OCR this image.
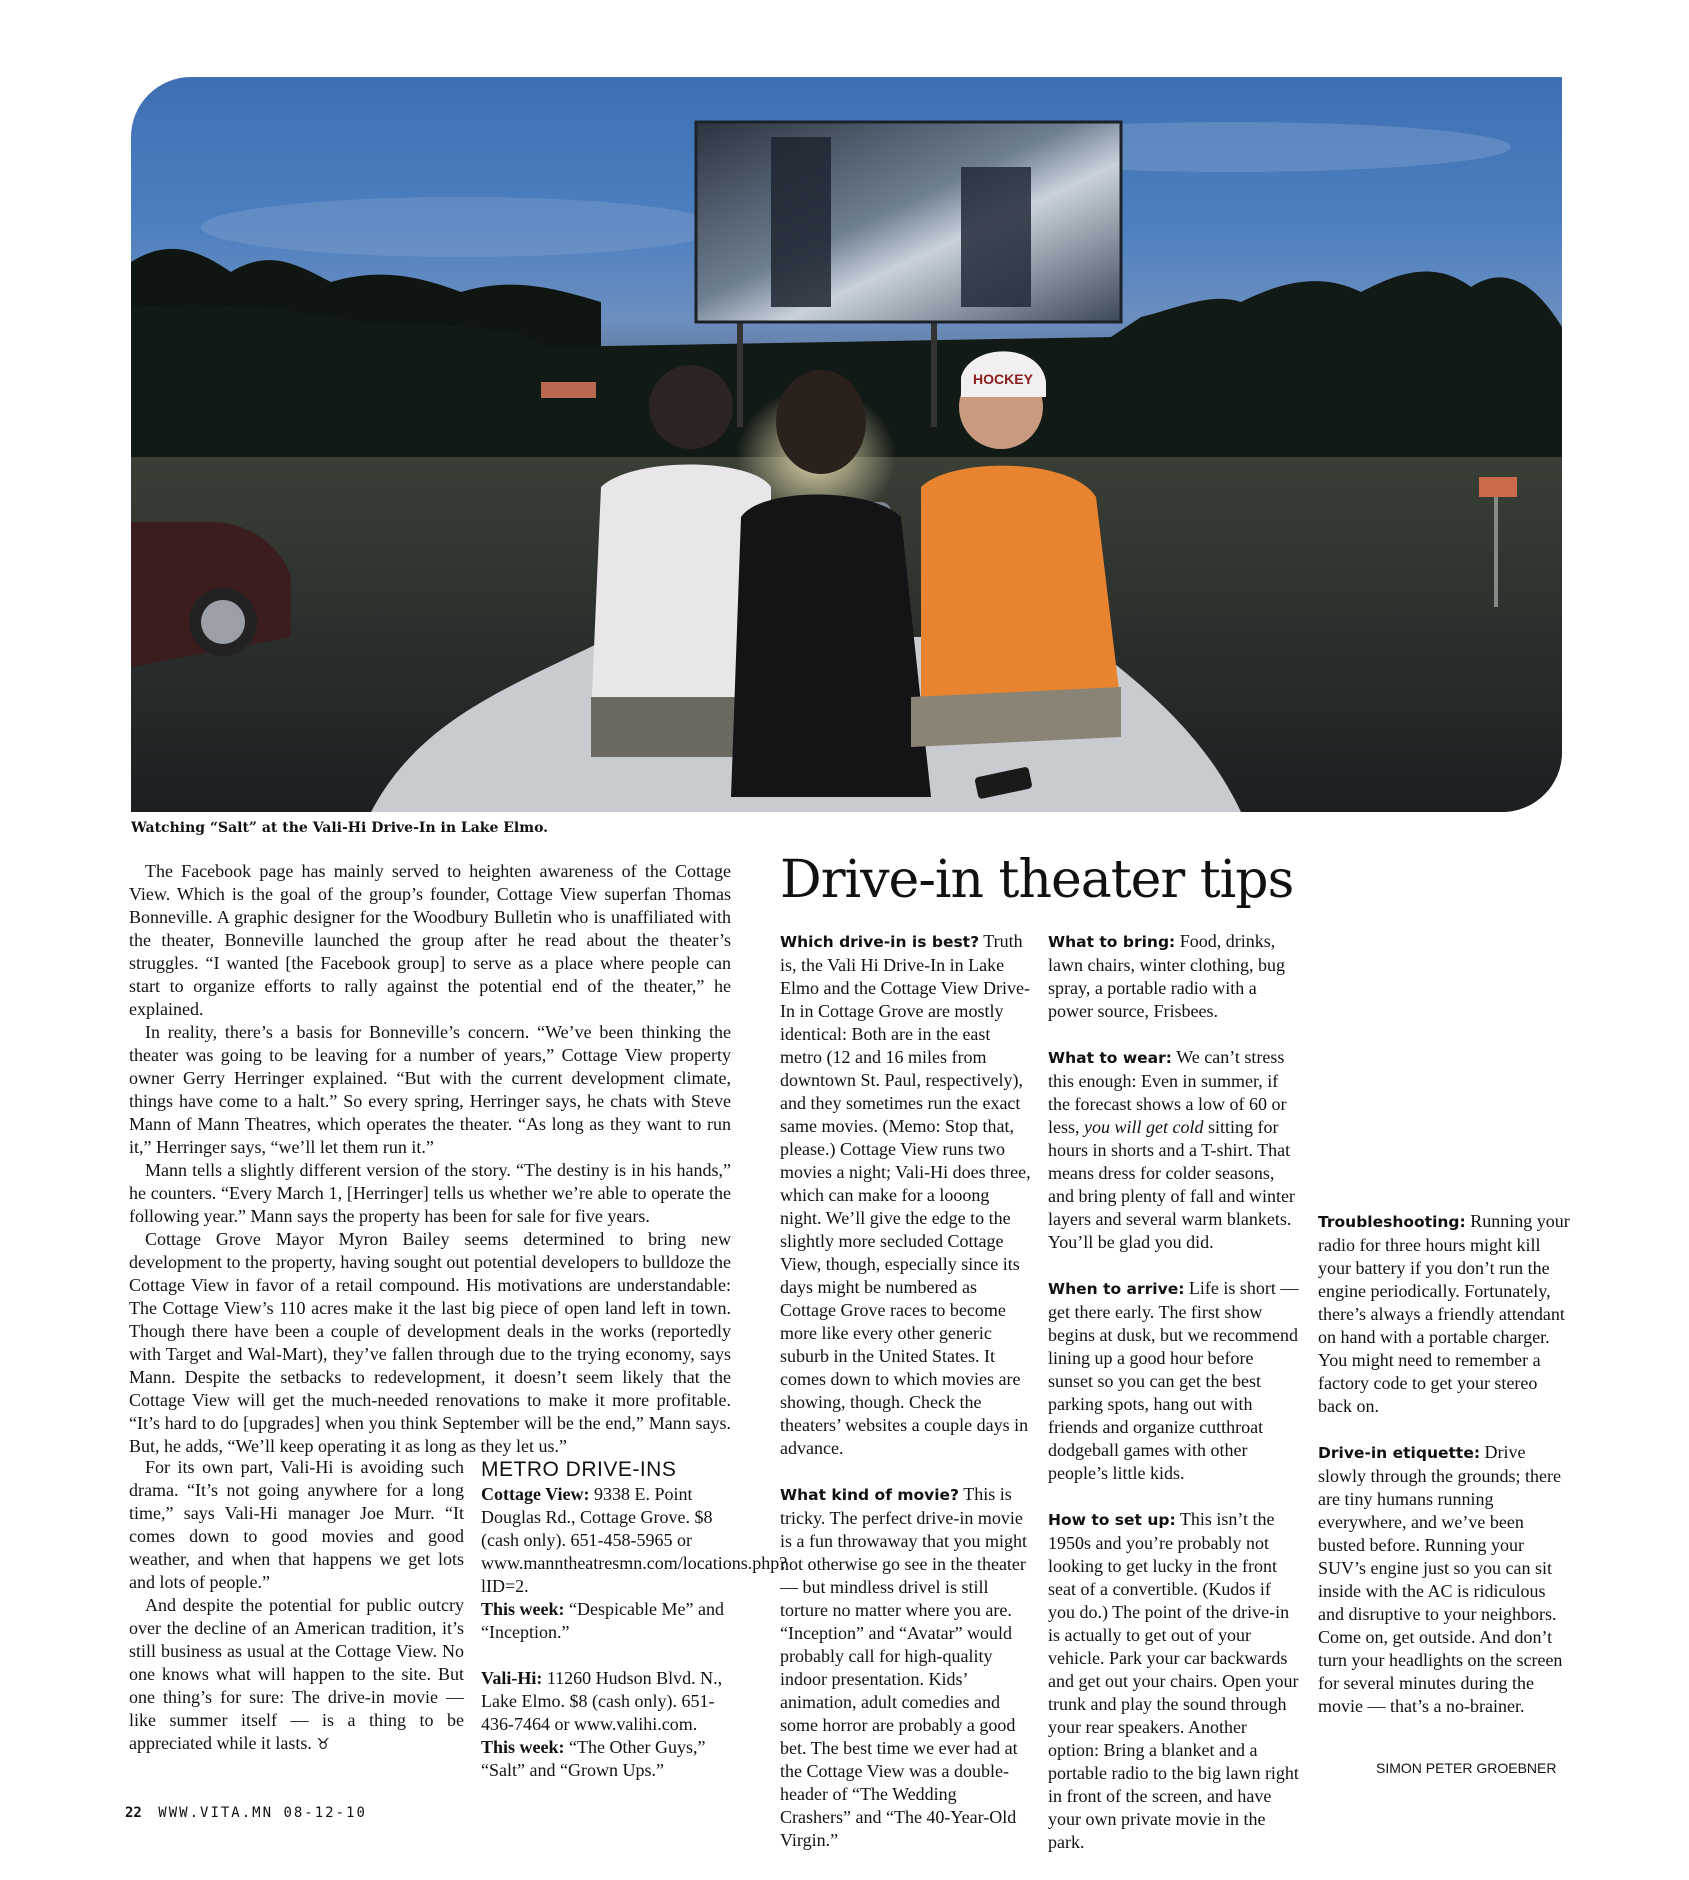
HOCKEY
Watching “Salt” at the Vali-Hi Drive-In in Lake Elmo.

The Facebook page has mainly served to heighten awareness of the Cottage View. Which is the goal of the group’s founder, Cottage View superfan Thomas Bonneville. A graphic designer for the Woodbury Bulletin who is unaffiliated with the theater, Bonneville launched the group after he read about the theater’s struggles. “I wanted [the Facebook group] to serve as a place where people can start to organize efforts to rally against the potential end of the theater,” he explained.

In reality, there’s a basis for Bonneville’s concern. “We’ve been thinking the theater was going to be leaving for a number of years,” Cottage View property owner Gerry Herringer explained. “But with the current development climate, things have come to a halt.” So every spring, Herringer says, he chats with Steve Mann of Mann Theatres, which operates the theater. “As long as they want to run it,” Herringer says, “we’ll let them run it.”

Mann tells a slightly different version of the story. “The destiny is in his hands,” he counters. “Every March 1, [Herringer] tells us whether we’re able to operate the following year.” Mann says the property has been for sale for five years.

Cottage Grove Mayor Myron Bailey seems determined to bring new development to the property, having sought out potential developers to bulldoze the Cottage View in favor of a retail compound. His motivations are understandable: The Cottage View’s 110 acres make it the last big piece of open land left in town. Though there have been a couple of development deals in the works (reportedly with Target and Wal-Mart), they’ve fallen through due to the trying economy, says Mann. Despite the setbacks to redevelopment, it doesn’t seem likely that the Cottage View will get the much-needed renovations to make it more profitable. “It’s hard to do [upgrades] when you think September will be the end,” Mann says. But, he adds, “We’ll keep operating it as long as they let us.”

For its own part, Vali-Hi is avoiding such drama. “It’s not going anywhere for a long time,” says Vali-Hi manager Joe Murr. “It comes down to good movies and good weather, and when that happens we get lots and lots of people.”

And despite the potential for public outcry over the decline of an American tradition, it’s still business as usual at the Cottage View. No one knows what will happen to the site. But one thing’s for sure: The drive-in movie — like summer itself — is a thing to be appreciated while it lasts. ♉

METRO DRIVE-INS

Cottage View: 9338 E. Point Douglas Rd., Cottage Grove. $8 (cash only). 651-458-5965 or www.manntheatresmn.com/locations.php?lID=2.
This week: “Despicable Me” and “Inception.”

Vali-Hi: 11260 Hudson Blvd. N., Lake Elmo. $8 (cash only). 651-436-7464 or www.valihi.com.
This week: “The Other Guys,” “Salt” and “Grown Ups.”

Drive-in theater tips

Which drive-in is best? Truth is, the Vali Hi Drive-In in Lake Elmo and the Cottage View Drive-In in Cottage Grove are mostly identical: Both are in the east metro (12 and 16 miles from downtown St. Paul, respectively), and they sometimes run the exact same movies. (Memo: Stop that, please.) Cottage View runs two movies a night; Vali-Hi does three, which can make for a looong night. We’ll give the edge to the slightly more secluded Cottage View, though, especially since its days might be numbered as Cottage Grove races to become more like every other generic suburb in the United States. It comes down to which movies are showing, though. Check the theaters’ websites a couple days in advance.

What kind of movie? This is tricky. The perfect drive-in movie is a fun throwaway that you might not otherwise go see in the theater — but mindless drivel is still torture no matter where you are. “Inception” and “Avatar” would probably call for high-quality indoor presentation. Kids’ animation, adult comedies and some horror are probably a good bet. The best time we ever had at the Cottage View was a double-header of “The Wedding Crashers” and “The 40-Year-Old Virgin.”

What to bring: Food, drinks, lawn chairs, winter clothing, bug spray, a portable radio with a power source, Frisbees.

What to wear: We can’t stress this enough: Even in summer, if the forecast shows a low of 60 or less, you will get cold sitting for hours in shorts and a T-shirt. That means dress for colder seasons, and bring plenty of fall and winter layers and several warm blankets. You’ll be glad you did.

When to arrive: Life is short — get there early. The first show begins at dusk, but we recommend lining up a good hour before sunset so you can get the best parking spots, hang out with friends and organize cutthroat dodgeball games with other people’s little kids.

How to set up: This isn’t the 1950s and you’re probably not looking to get lucky in the front seat of a convertible. (Kudos if you do.) The point of the drive-in is actually to get out of your vehicle. Park your car backwards and get out your chairs. Open your trunk and play the sound through your rear speakers. Another option: Bring a blanket and a portable radio to the big lawn right in front of the screen, and have your own private movie in the park.

Troubleshooting: Running your radio for three hours might kill your battery if you don’t run the engine periodically. Fortunately, there’s always a friendly attendant on hand with a portable charger. You might need to remember a factory code to get your stereo back on.

Drive-in etiquette: Drive slowly through the grounds; there are tiny humans running everywhere, and we’ve been busted before. Running your SUV’s engine just so you can sit inside with the AC is ridiculous and disruptive to your neighbors. Come on, get outside. And don’t turn your headlights on the screen for several minutes during the movie — that’s a no-brainer.

SIMON PETER GROEBNER
22 WWW.VITA.MN 08-12-10
